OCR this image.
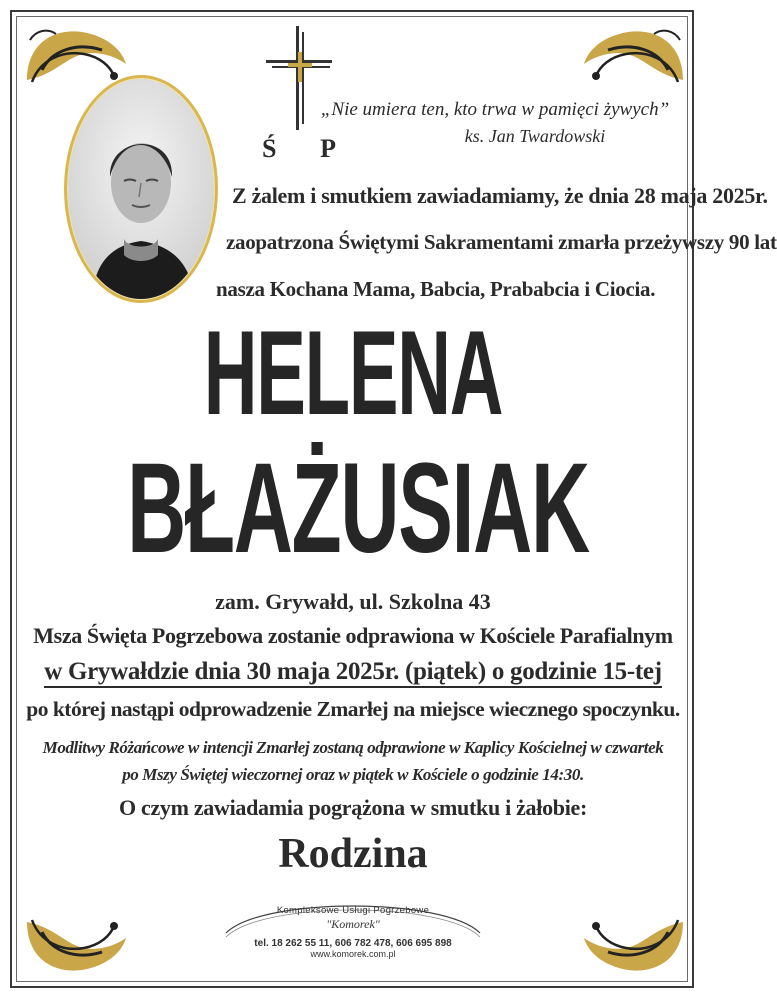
Ś P
„Nie umiera ten, kto trwa w pamięci żywych”
ks. Jan Twardowski
Z żalem i smutkiem zawiadamiamy, że dnia 28 maja 2025r.
zaopatrzona Świętymi Sakramentami zmarła przeżywszy 90 lat
nasza Kochana Mama, Babcia, Prababcia i Ciocia.
HELENA
BŁAŻUSIAK
zam. Grywałd, ul. Szkolna 43
Msza Święta Pogrzebowa zostanie odprawiona w Kościele Parafialnym
w Grywałdzie dnia 30 maja 2025r. (piątek) o godzinie 15-tej
po której nastąpi odprowadzenie Zmarłej na miejsce wiecznego spoczynku.
Modlitwy Różańcowe w intencji Zmarłej zostaną odprawione w Kaplicy Kościelnej w czwartek
po Mszy Świętej wieczornej oraz w piątek w Kościele o godzinie 14:30.
O czym zawiadamia pogrążona w smutku i żałobie:
Rodzina
Kompleksowe Usługi Pogrzebowe
"Komorek"
tel. 18 262 55 11, 606 782 478, 606 695 898
www.komorek.com.pl
